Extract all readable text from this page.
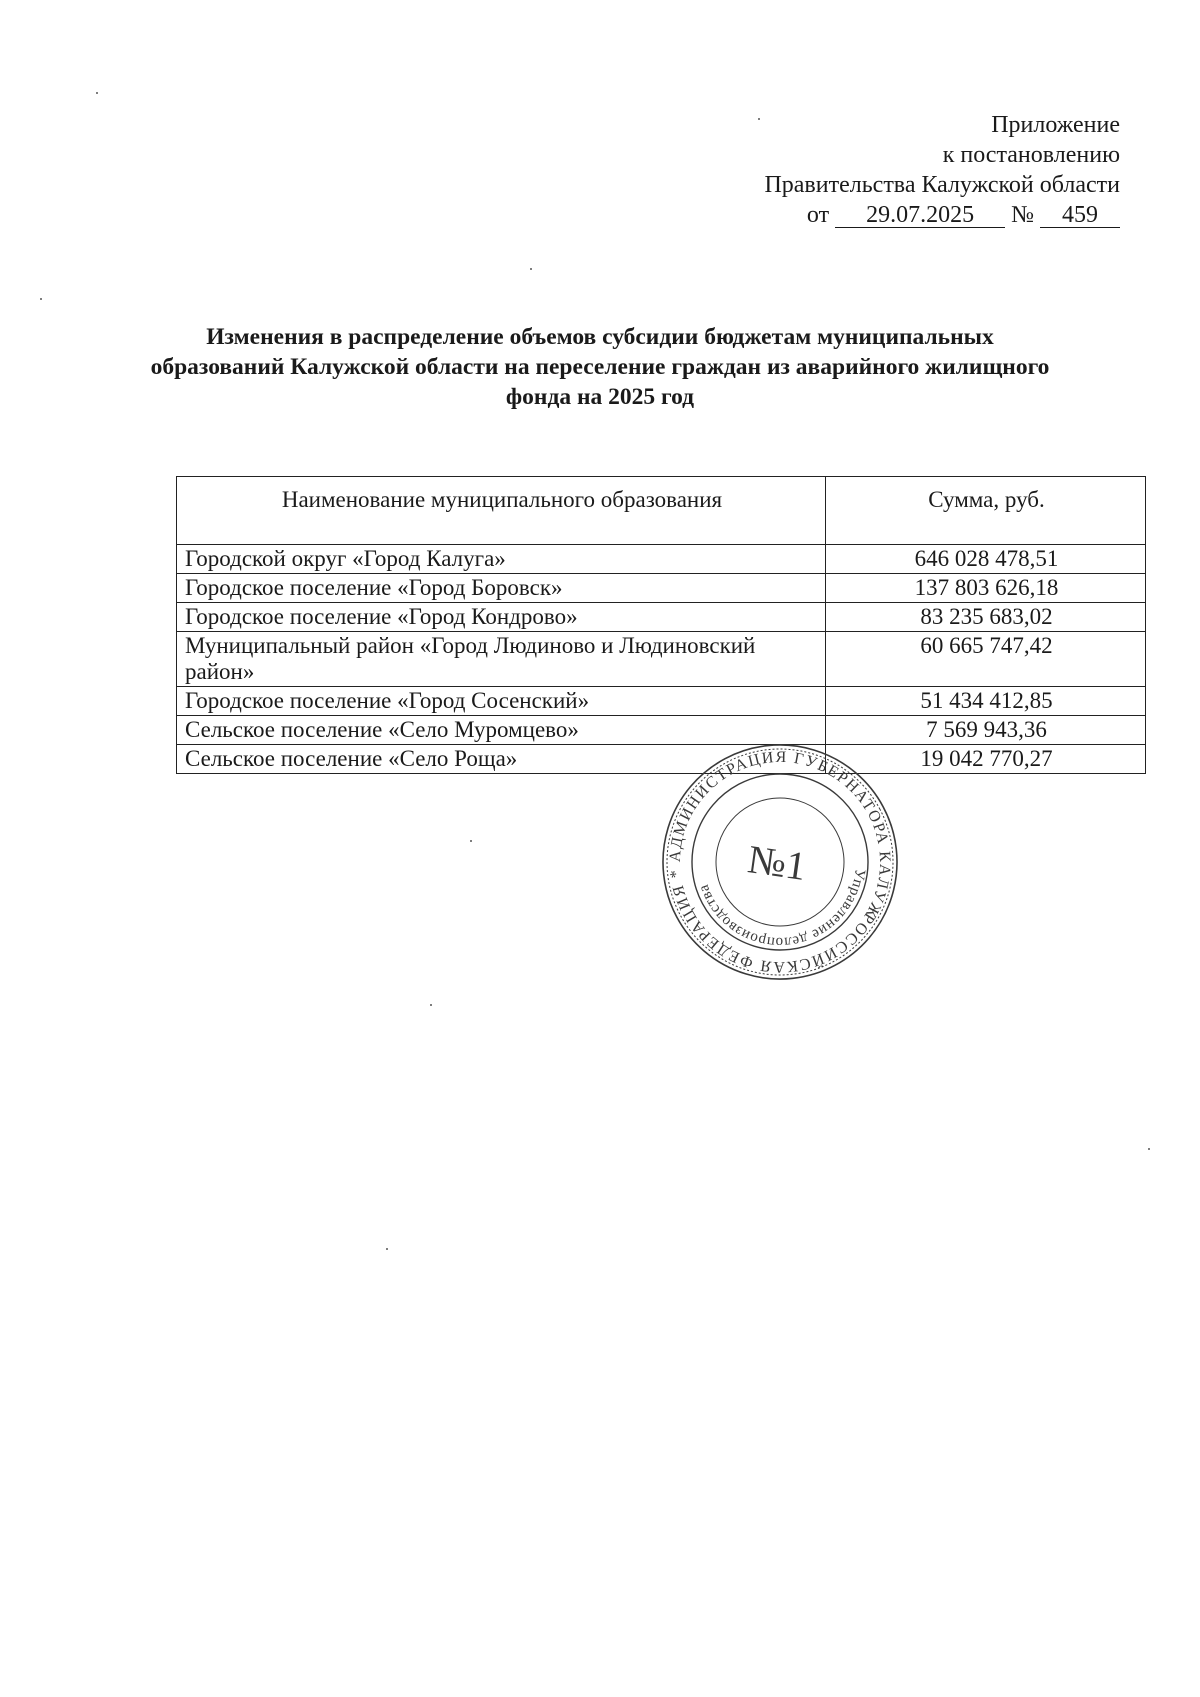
Приложение
к постановлению
Правительства Калужской области
от 29.07.2025 № 459
Изменения в распределение объемов субсидии бюджетам муниципальных образований Калужской области на переселение граждан из аварийного жилищного фонда на 2025 год
Наименование муниципального образования	Сумма, руб.
Городской округ «Город Калуга»	646 028 478,51
Городское поселение «Город Боровск»	137 803 626,18
Городское поселение «Город Кондрово»	83 235 683,02
Муниципальный район «Город Людиново и Людиновский район»	60 665 747,42
Городское поселение «Город Сосенский»	51 434 412,85
Сельское поселение «Село Муромцево»	7 569 943,36
Сельское поселение «Село Роща»	19 042 770,27
РОССИЙСКАЯ ФЕДЕРАЦИЯ * АДМИНИСТРАЦИЯ ГУБЕРНАТОРА КАЛУЖСКОЙ
Управление делопроизводства №1
